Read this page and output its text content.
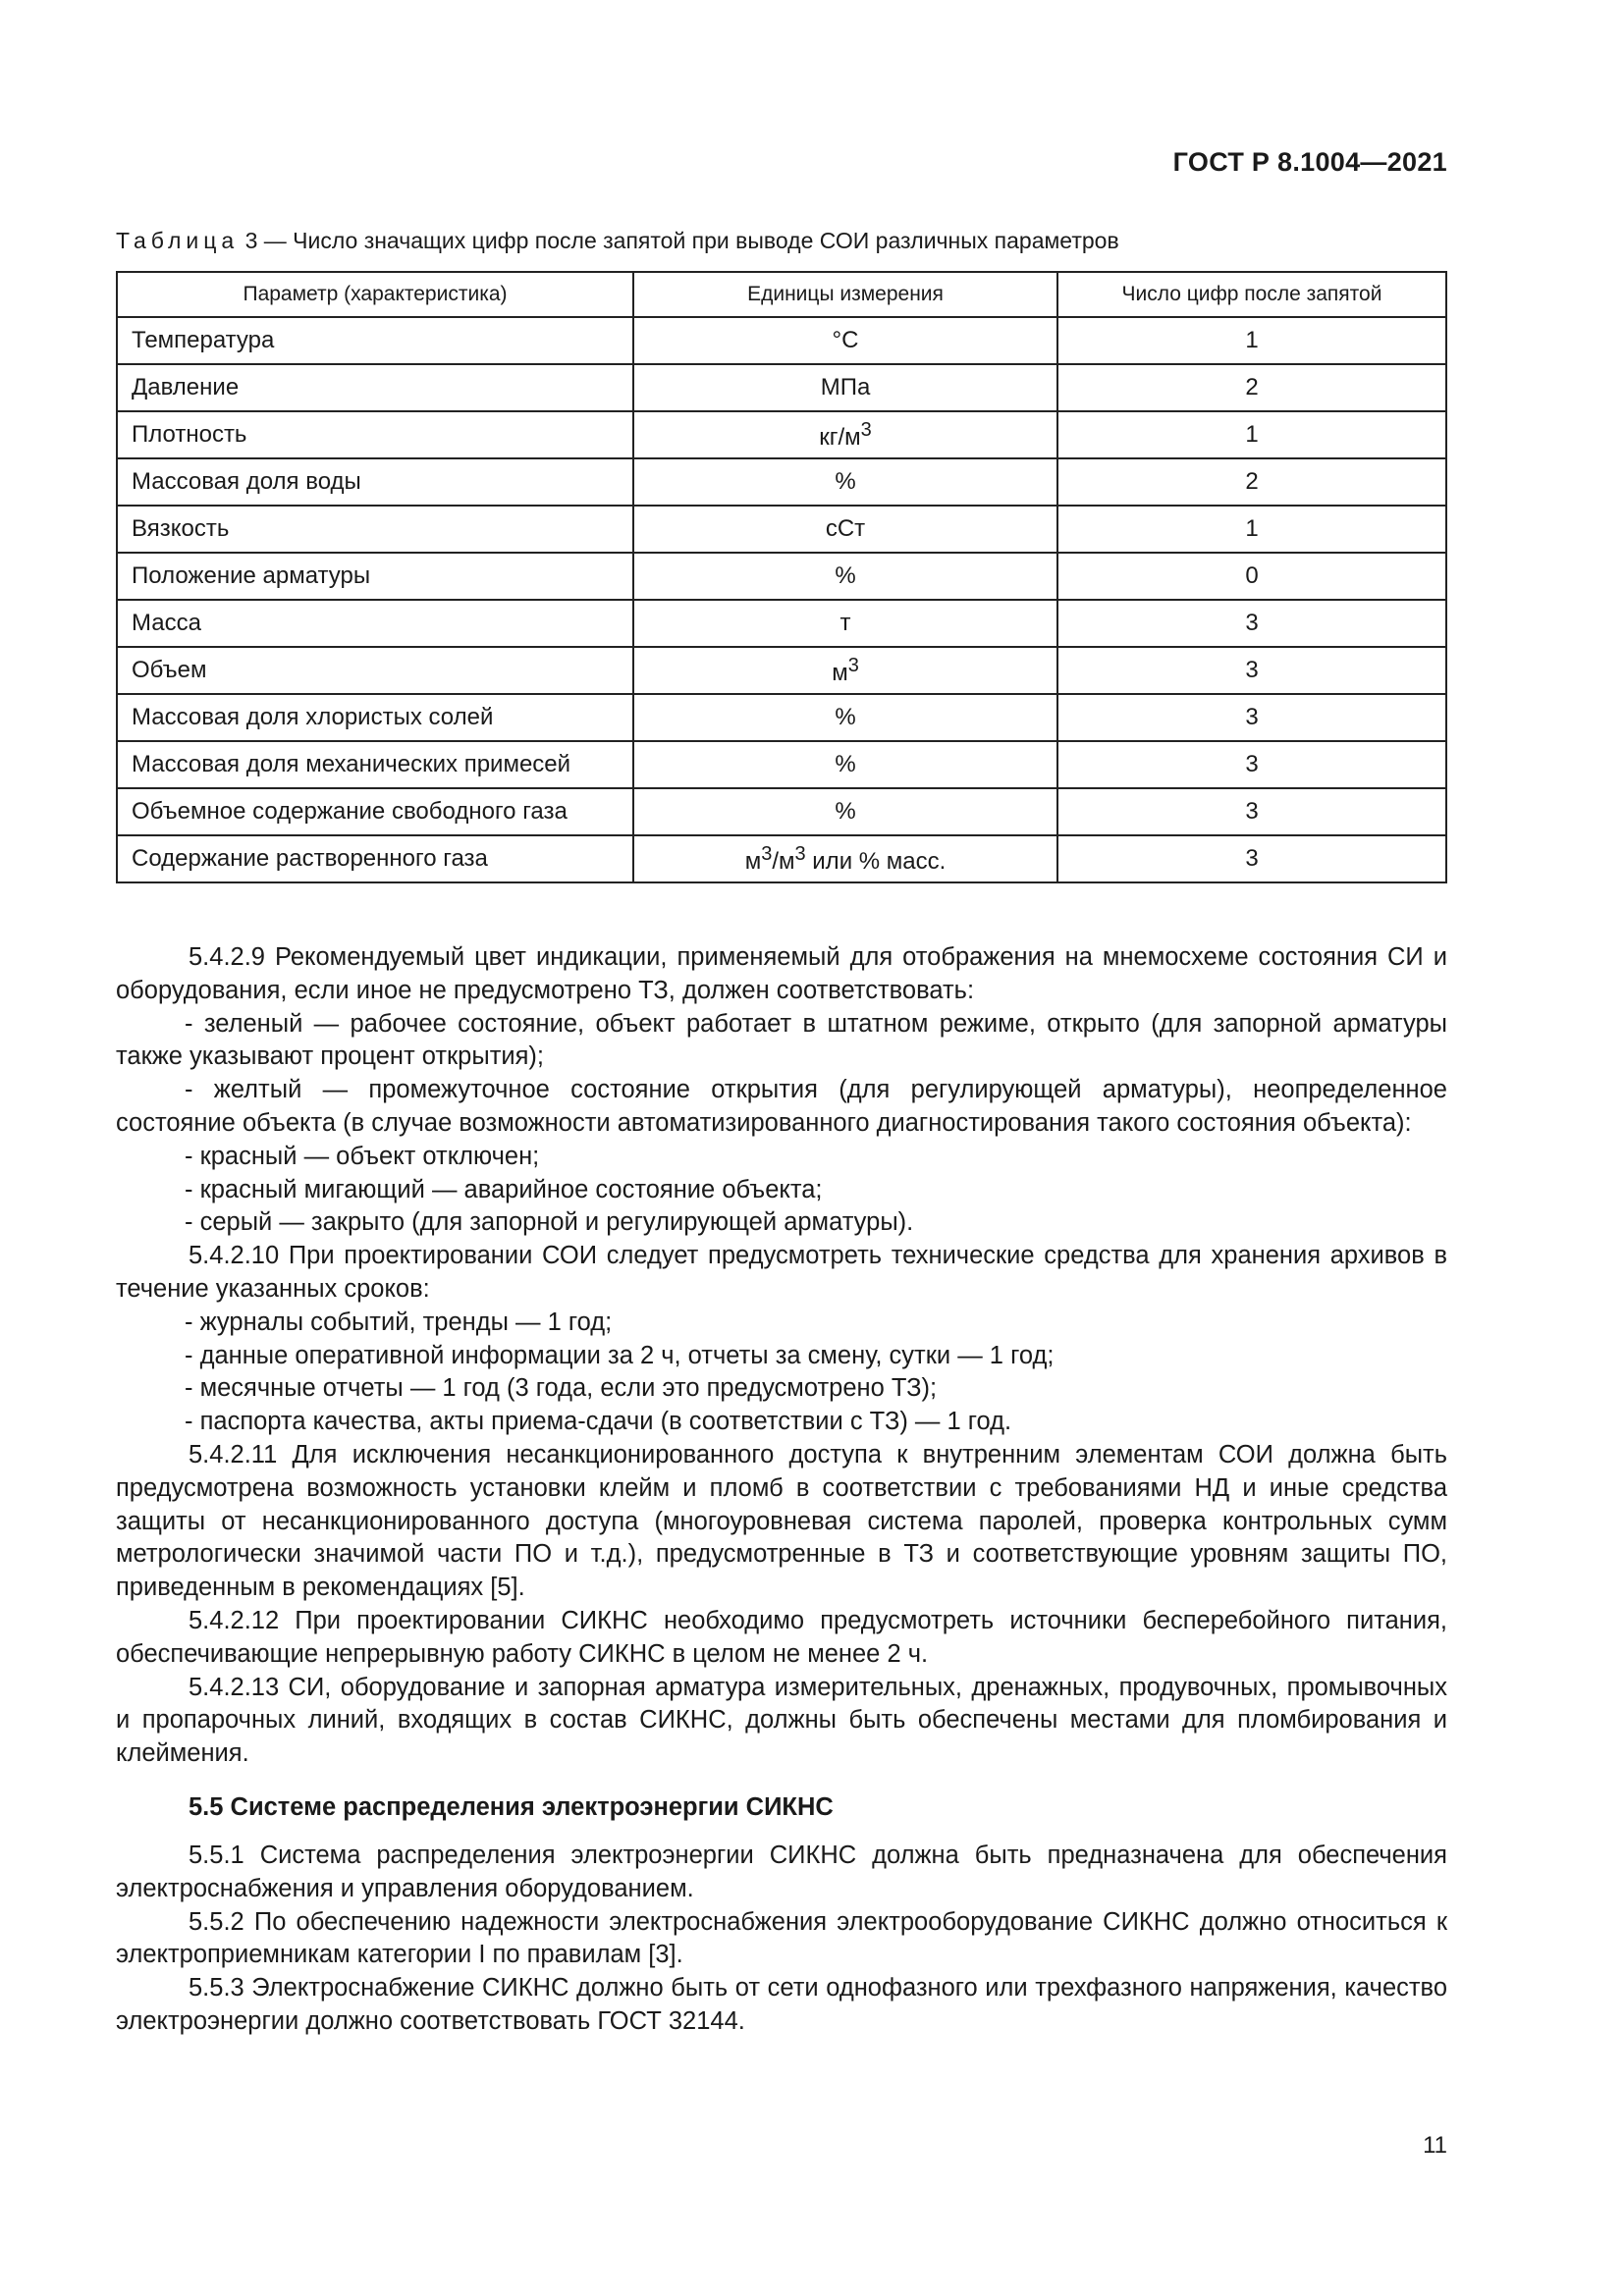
ГОСТ Р 8.1004—2021
Таблица 3 — Число значащих цифр после запятой при выводе СОИ различных параметров
Параметр (характеристика)	Единицы измерения	Число цифр после запятой
Температура	°С	1
Давление	МПа	2
Плотность	$кг/м^3$	1
Массовая доля воды	%	2
Вязкость	сСт	1
Положение арматуры	%	0
Масса	т	3
Объем	$м^3$	3
Массовая доля хлористых солей	%	3
Массовая доля механических примесей	%	3
Объемное содержание свободного газа	%	3
Содержание растворенного газа	$м^3/м^3$ или % масс.	3

5.4.2.9 Рекомендуемый цвет индикации, применяемый для отображения на мнемосхеме состояния СИ и оборудования, если иное не предусмотрено ТЗ, должен соответствовать:

- зеленый — рабочее состояние, объект работает в штатном режиме, открыто (для запорной арматуры также указывают процент открытия);

- желтый — промежуточное состояние открытия (для регулирующей арматуры), неопределенное состояние объекта (в случае возможности автоматизированного диагностирования такого состояния объекта):

- красный — объект отключен;

- красный мигающий — аварийное состояние объекта;

- серый — закрыто (для запорной и регулирующей арматуры).

5.4.2.10 При проектировании СОИ следует предусмотреть технические средства для хранения архивов в течение указанных сроков:

- журналы событий, тренды — 1 год;

- данные оперативной информации за 2 ч, отчеты за смену, сутки — 1 год;

- месячные отчеты — 1 год (3 года, если это предусмотрено ТЗ);

- паспорта качества, акты приема-сдачи (в соответствии с ТЗ) — 1 год.

5.4.2.11 Для исключения несанкционированного доступа к внутренним элементам СОИ должна быть предусмотрена возможность установки клейм и пломб в соответствии с требованиями НД и иные средства защиты от несанкционированного доступа (многоуровневая система паролей, проверка контрольных сумм метрологически значимой части ПО и т.д.), предусмотренные в ТЗ и соответствующие уровням защиты ПО, приведенным в рекомендациях [5].

5.4.2.12 При проектировании СИКНС необходимо предусмотреть источники бесперебойного питания, обеспечивающие непрерывную работу СИКНС в целом не менее 2 ч.

5.4.2.13 СИ, оборудование и запорная арматура измерительных, дренажных, продувочных, промывочных и пропарочных линий, входящих в состав СИКНС, должны быть обеспечены местами для пломбирования и клеймения.

5.5 Системе распределения электроэнергии СИКНС

5.5.1 Система распределения электроэнергии СИКНС должна быть предназначена для обеспечения электроснабжения и управления оборудованием.

5.5.2 По обеспечению надежности электроснабжения электрооборудование СИКНС должно относиться к электроприемникам категории I по правилам [3].

5.5.3 Электроснабжение СИКНС должно быть от сети однофазного или трехфазного напряжения, качество электроэнергии должно соответствовать ГОСТ 32144.

11
